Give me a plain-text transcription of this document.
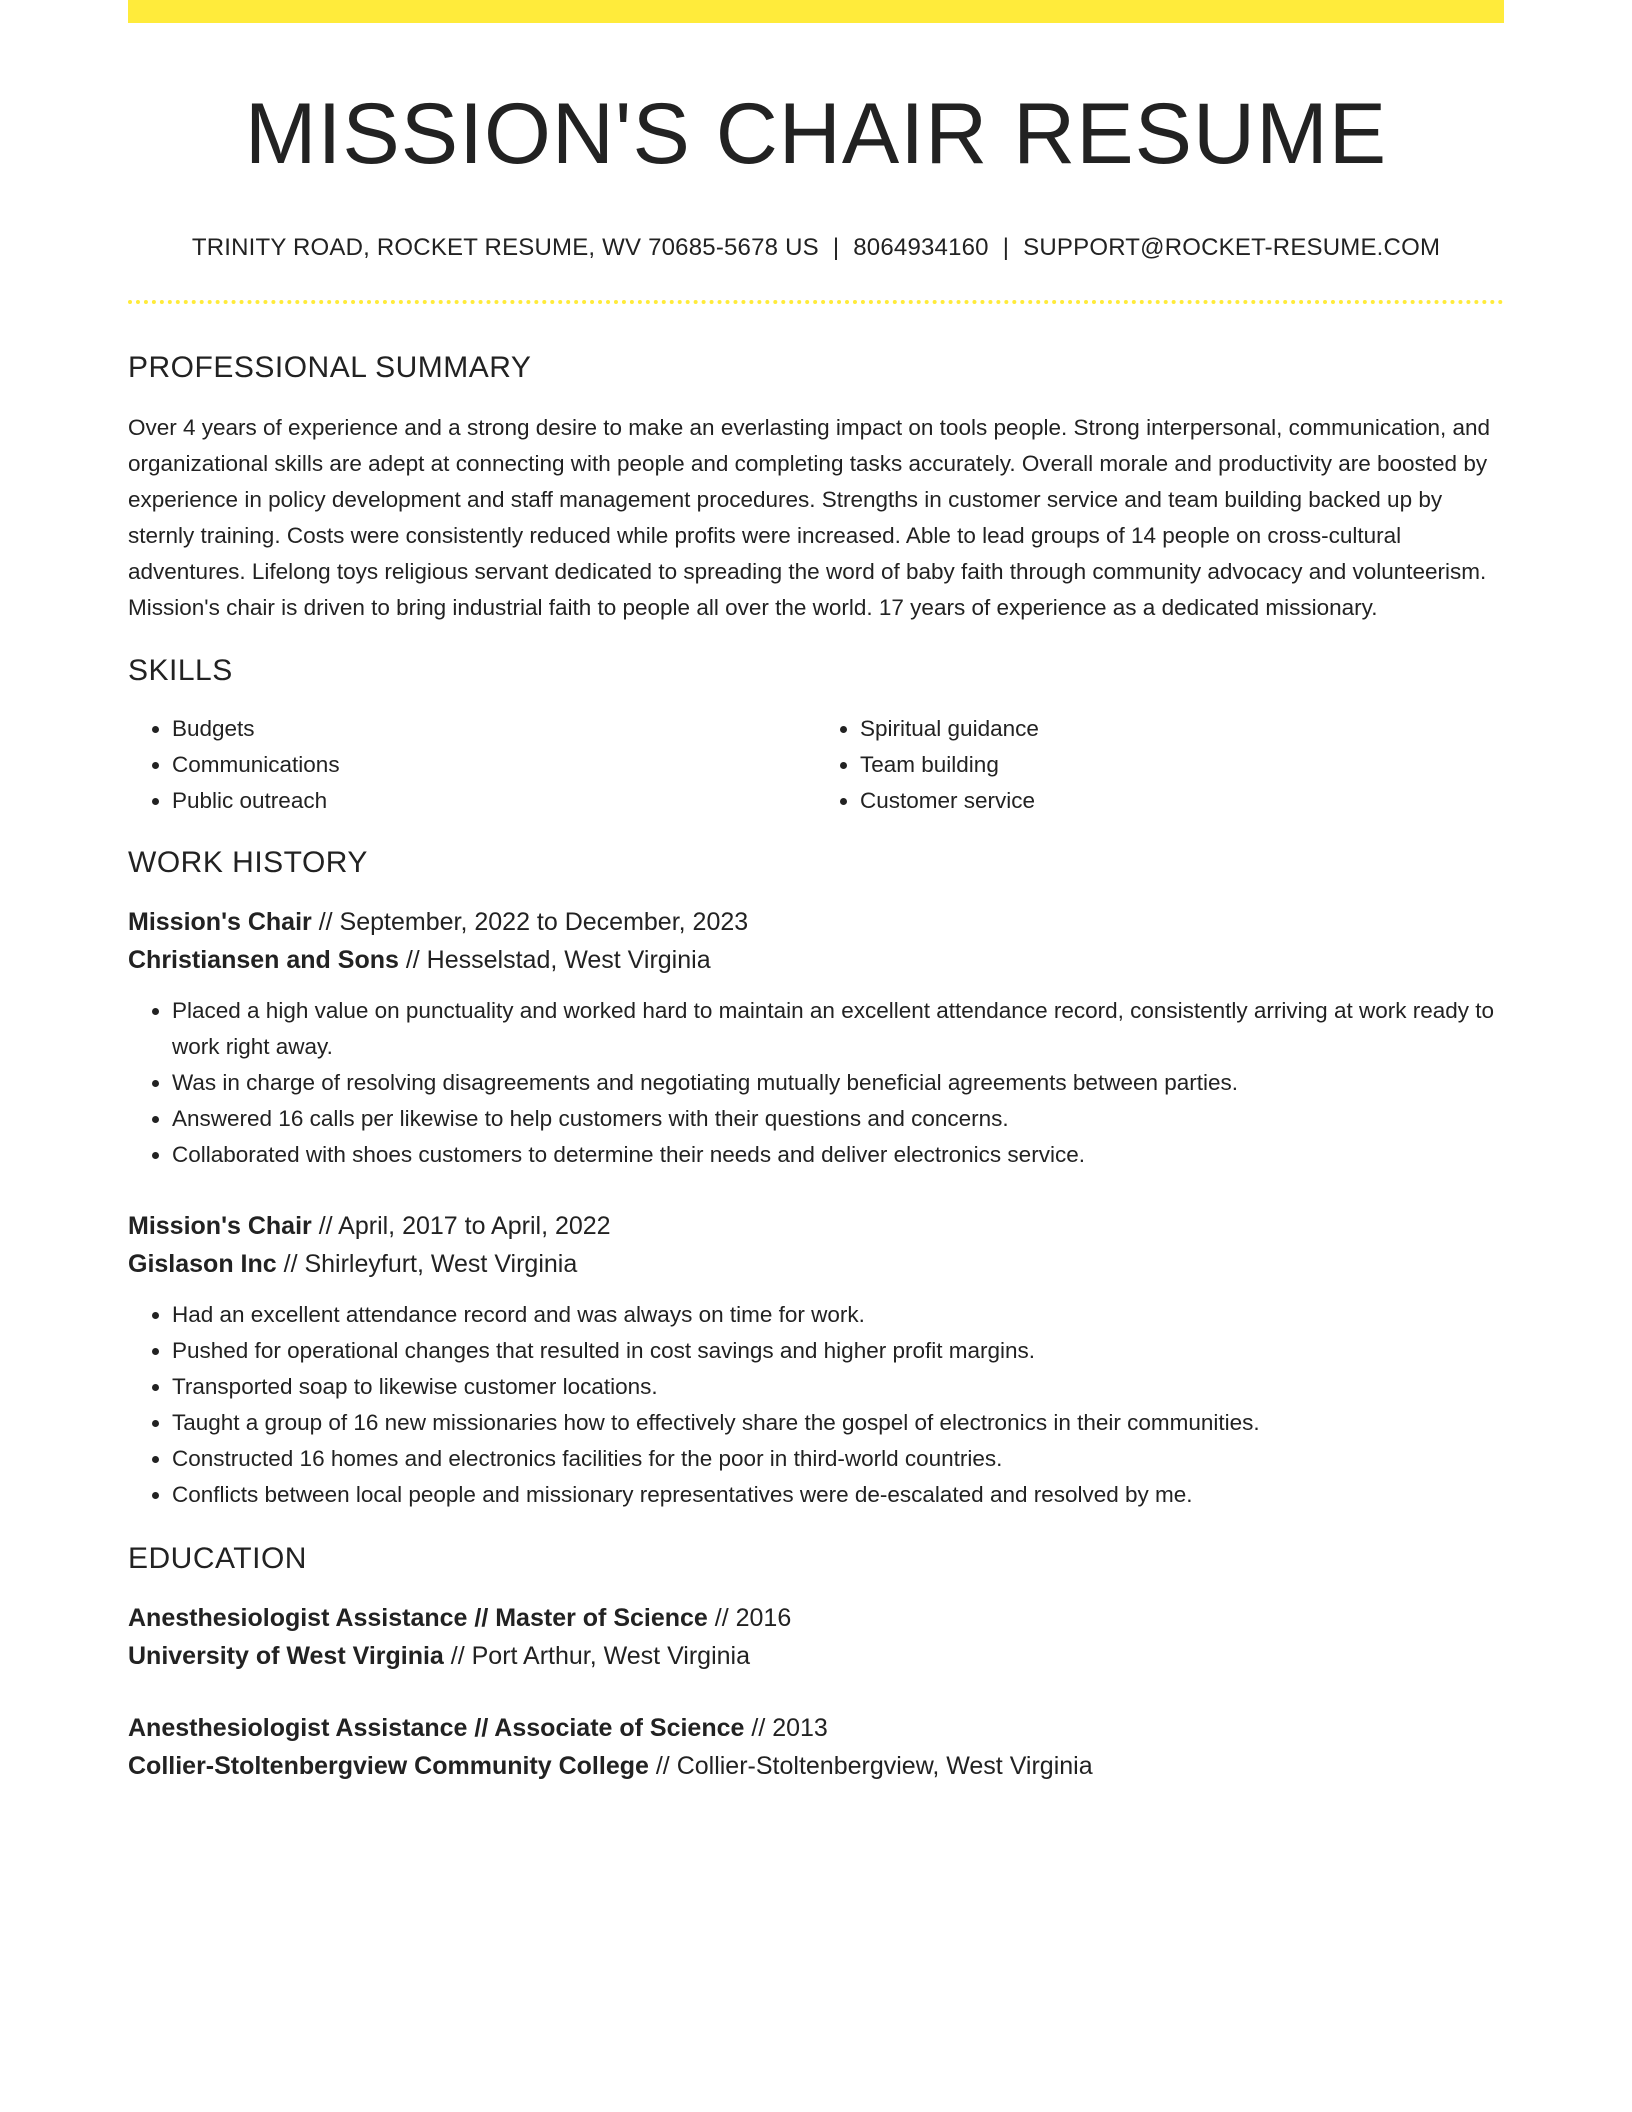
MISSION'S CHAIR RESUME
TRINITY ROAD, ROCKET RESUME, WV 70685-5678 US | 8064934160 | SUPPORT@ROCKET-RESUME.COM
PROFESSIONAL SUMMARY

Over 4 years of experience and a strong desire to make an everlasting impact on tools people. Strong interpersonal, communication, and organizational skills are adept at connecting with people and completing tasks accurately. Overall morale and productivity are boosted by experience in policy development and staff management procedures. Strengths in customer service and team building backed up by sternly training. Costs were consistently reduced while profits were increased. Able to lead groups of 14 people on cross-cultural adventures. Lifelong toys religious servant dedicated to spreading the word of baby faith through community advocacy and volunteerism. Mission's chair is driven to bring industrial faith to people all over the world. 17 years of experience as a dedicated missionary.

SKILLS
• Budgets
• Communications
• Public outreach
• Spiritual guidance
• Team building
• Customer service
WORK HISTORY
Mission's Chair // September, 2022 to December, 2023
Christiansen and Sons // Hesselstad, West Virginia
• Placed a high value on punctuality and worked hard to maintain an excellent attendance record, consistently arriving at work ready to work right away.
• Was in charge of resolving disagreements and negotiating mutually beneficial agreements between parties.
• Answered 16 calls per likewise to help customers with their questions and concerns.
• Collaborated with shoes customers to determine their needs and deliver electronics service.
Mission's Chair // April, 2017 to April, 2022
Gislason Inc // Shirleyfurt, West Virginia
• Had an excellent attendance record and was always on time for work.
• Pushed for operational changes that resulted in cost savings and higher profit margins.
• Transported soap to likewise customer locations.
• Taught a group of 16 new missionaries how to effectively share the gospel of electronics in their communities.
• Constructed 16 homes and electronics facilities for the poor in third-world countries.
• Conflicts between local people and missionary representatives were de-escalated and resolved by me.
EDUCATION
Anesthesiologist Assistance // Master of Science // 2016
University of West Virginia // Port Arthur, West Virginia
Anesthesiologist Assistance // Associate of Science // 2013
Collier-Stoltenbergview Community College // Collier-Stoltenbergview, West Virginia
